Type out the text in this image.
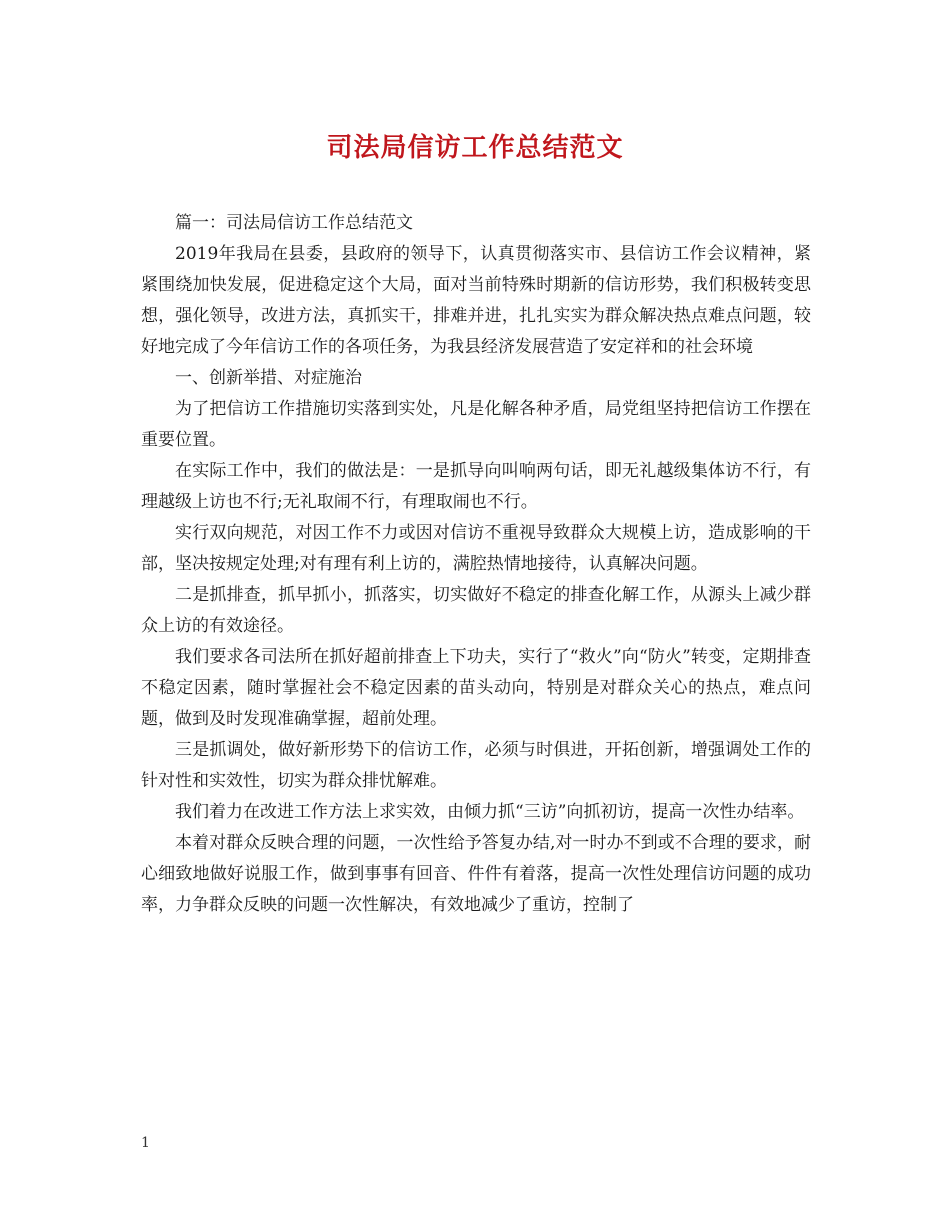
司法局信访工作总结范文

篇一：司法局信访工作总结范文

2019年我局在县委，县政府的领导下，认真贯彻落实市、县信访工作会议精神，紧紧围绕加快发展，促进稳定这个大局，面对当前特殊时期新的信访形势，我们积极转变思想，强化领导，改进方法，真抓实干，排难并进，扎扎实实为群众解决热点难点问题，较好地完成了今年信访工作的各项任务，为我县经济发展营造了安定祥和的社会环境

一、创新举措、对症施治

为了把信访工作措施切实落到实处，凡是化解各种矛盾，局党组坚持把信访工作摆在重要位置。

在实际工作中，我们的做法是：一是抓导向叫响两句话，即无礼越级集体访不行，有理越级上访也不行;无礼取闹不行，有理取闹也不行。

实行双向规范，对因工作不力或因对信访不重视导致群众大规模上访，造成影响的干部，坚决按规定处理;对有理有利上访的，满腔热情地接待，认真解决问题。

二是抓排查，抓早抓小，抓落实，切实做好不稳定的排查化解工作，从源头上减少群众上访的有效途径。

我们要求各司法所在抓好超前排查上下功夫，实行了“救火”向“防火”转变，定期排查不稳定因素，随时掌握社会不稳定因素的苗头动向，特别是对群众关心的热点，难点问题，做到及时发现准确掌握，超前处理。

三是抓调处，做好新形势下的信访工作，必须与时俱进，开拓创新，增强调处工作的针对性和实效性，切实为群众排忧解难。

我们着力在改进工作方法上求实效，由倾力抓“三访”向抓初访，提高一次性办结率。

本着对群众反映合理的问题，一次性给予答复办结,对一时办不到或不合理的要求，耐心细致地做好说服工作，做到事事有回音、件件有着落，提高一次性处理信访问题的成功率，力争群众反映的问题一次性解决，有效地减少了重访，控制了

1
